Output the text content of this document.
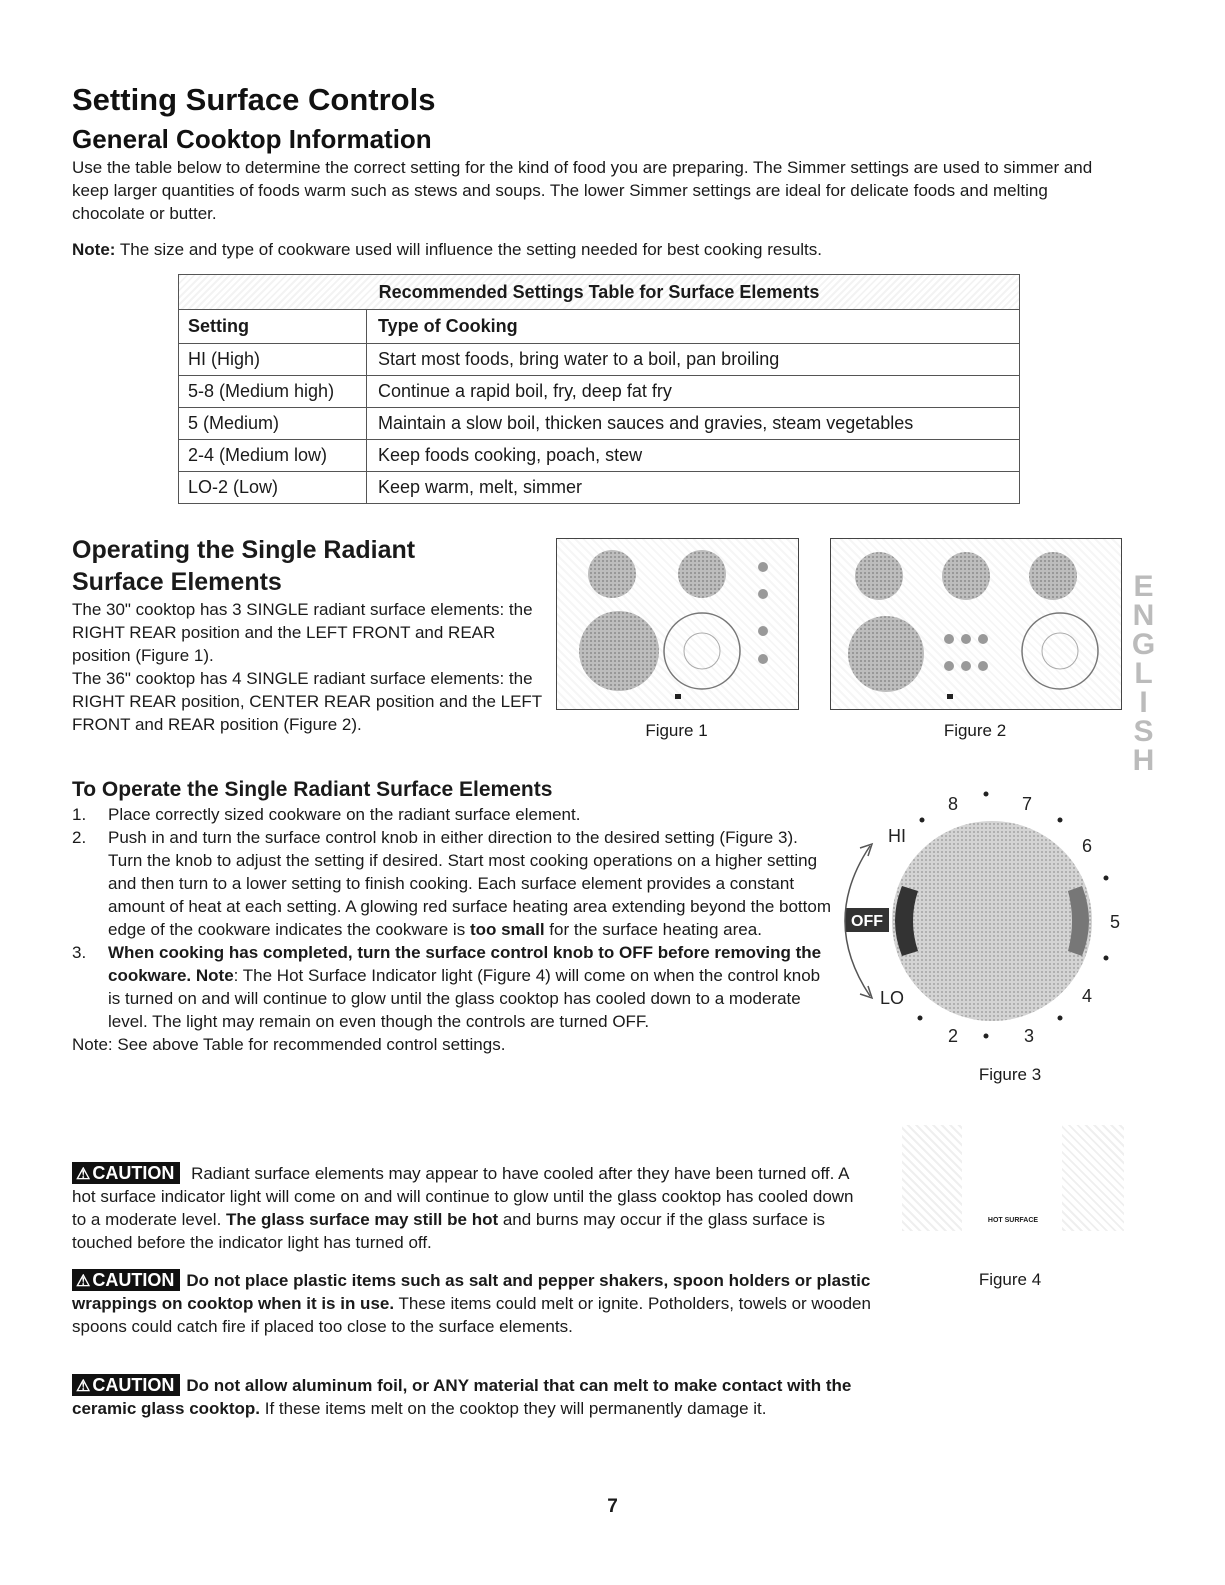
Setting Surface Controls
General Cooktop Information
Use the table below to determine the correct setting for the kind of food you are preparing. The Simmer settings are used to simmer and keep larger quantities of foods warm such as stews and soups. The lower Simmer settings are ideal for delicate foods and melting chocolate or butter.
Note: The size and type of cookware used will influence the setting needed for best cooking results.
Recommended Settings Table for Surface Elements
Setting	Type of Cooking
HI (High)	Start most foods, bring water to a boil, pan broiling
5-8 (Medium high)	Continue a rapid boil, fry, deep fat fry
5 (Medium)	Maintain a slow boil, thicken sauces and gravies, steam vegetables
2-4 (Medium low)	Keep foods cooking, poach, stew
LO-2 (Low)	Keep warm, melt, simmer
Operating the Single Radiant
Surface Elements
The 30" cooktop has 3 SINGLE radiant surface elements: the RIGHT REAR position and the LEFT FRONT and REAR position (Figure 1).
The 36" cooktop has 4 SINGLE radiant surface elements: the RIGHT REAR position, CENTER REAR position and the LEFT FRONT and REAR position (Figure 2).	Figure 1	Figure 2	ENGLISH
To Operate the Single Radiant Surface Elements
1. Place correctly sized cookware on the radiant surface element.
2. Push in and turn the surface control knob in either direction to the desired setting (Figure 3). Turn the knob to adjust the setting if desired. Start most cooking operations on a higher setting and then turn to a lower setting to finish cooking. Each surface element provides a constant amount of heat at each setting. A glowing red surface heating area extending beyond the bottom edge of the cookware indicates the cookware is too small for the surface heating area.
3. When cooking has completed, turn the surface control knob to OFF before removing the cookware. Note: The Hot Surface Indicator light (Figure 4) will come on when the control knob is turned on and will continue to glow until the glass cooktop has cooled down to a moderate level. The light may remain on even though the controls are turned OFF.
Note: See above Table for recommended control settings.
OFF
HI
LO
8	7
6
5
4
3
2
Figure 3
HOT SURFACE
Figure 4
⚠ CAUTION Radiant surface elements may appear to have cooled after they have been turned off. A hot surface indicator light will come on and will continue to glow until the glass cooktop has cooled down to a moderate level. The glass surface may still be hot and burns may occur if the glass surface is touched before the indicator light has turned off.
⚠ CAUTION Do not place plastic items such as salt and pepper shakers, spoon holders or plastic wrappings on cooktop when it is in use. These items could melt or ignite. Potholders, towels or wooden spoons could catch fire if placed too close to the surface elements.
⚠ CAUTION Do not allow aluminum foil, or ANY material that can melt to make contact with the ceramic glass cooktop. If these items melt on the cooktop they will permanently damage it.
7
